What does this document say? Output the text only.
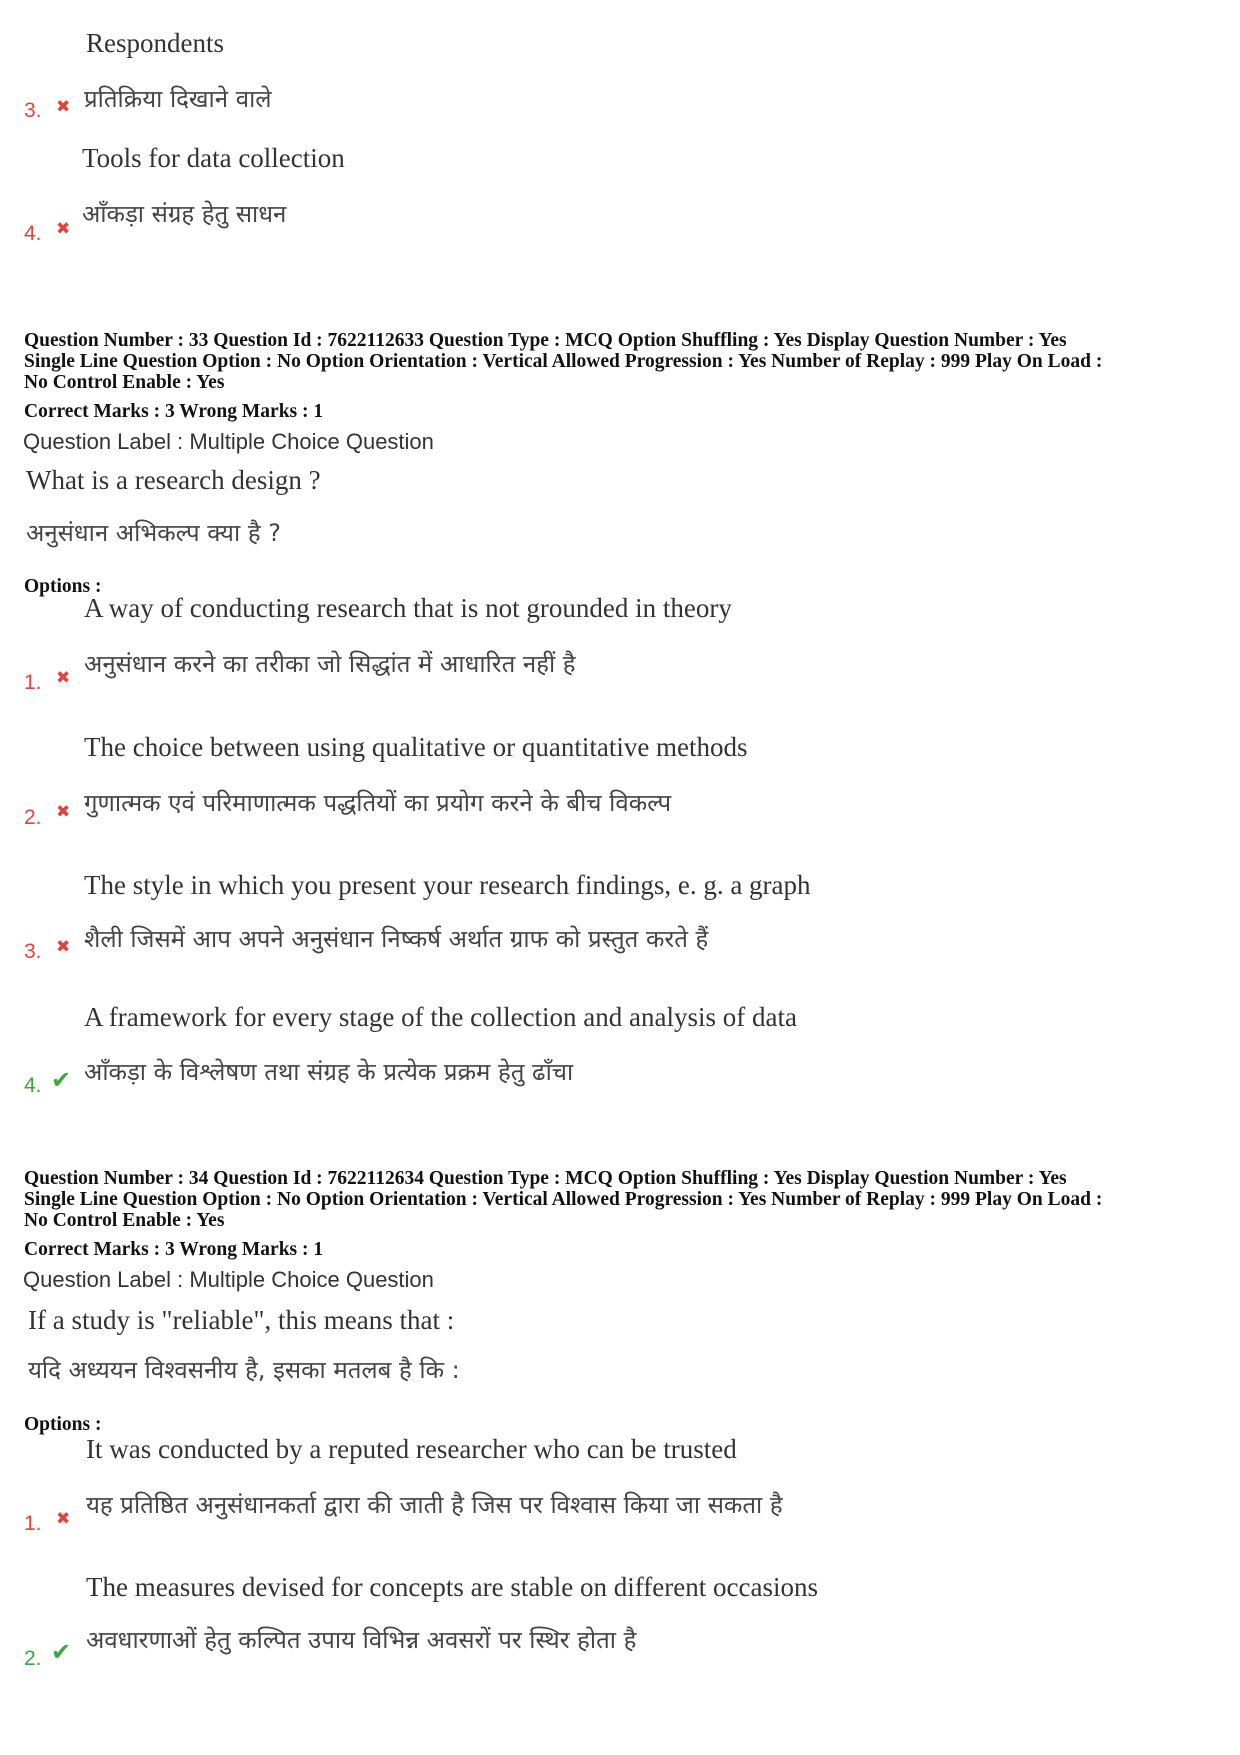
Respondents
प्रतिक्रिया दिखाने वाले
3. ✖
Tools for data collection
आँकड़ा संग्रह हेतु साधन
4. ✖
Question Number : 33 Question Id : 7622112633 Question Type : MCQ Option Shuffling : Yes Display Question Number : Yes
Single Line Question Option : No Option Orientation : Vertical Allowed Progression : Yes Number of Replay : 999 Play On Load :
No Control Enable : Yes
Correct Marks : 3 Wrong Marks : 1
Question Label : Multiple Choice Question
What is a research design ?
अनुसंधान अभिकल्प क्या है ?
Options :
A way of conducting research that is not grounded in theory
अनुसंधान करने का तरीका जो सिद्धांत में आधारित नहीं है
1. ✖
The choice between using qualitative or quantitative methods
गुणात्मक एवं परिमाणात्मक पद्धतियों का प्रयोग करने के बीच विकल्प
2. ✖
The style in which you present your research findings, e. g. a graph
शैली जिसमें आप अपने अनुसंधान निष्कर्ष अर्थात ग्राफ को प्रस्तुत करते हैं
3. ✖
A framework for every stage of the collection and analysis of data
आँकड़ा के विश्लेषण तथा संग्रह के प्रत्येक प्रक्रम हेतु ढाँचा
4. ✔
Question Number : 34 Question Id : 7622112634 Question Type : MCQ Option Shuffling : Yes Display Question Number : Yes
Single Line Question Option : No Option Orientation : Vertical Allowed Progression : Yes Number of Replay : 999 Play On Load :
No Control Enable : Yes
Correct Marks : 3 Wrong Marks : 1
Question Label : Multiple Choice Question
If a study is "reliable", this means that :
यदि अध्ययन विश्वसनीय है, इसका मतलब है कि :
Options :
It was conducted by a reputed researcher who can be trusted
यह प्रतिष्ठित अनुसंधानकर्ता द्वारा की जाती है जिस पर विश्वास किया जा सकता है
1. ✖
The measures devised for concepts are stable on different occasions
अवधारणाओं हेतु कल्पित उपाय विभिन्न अवसरों पर स्थिर होता है
2. ✔
